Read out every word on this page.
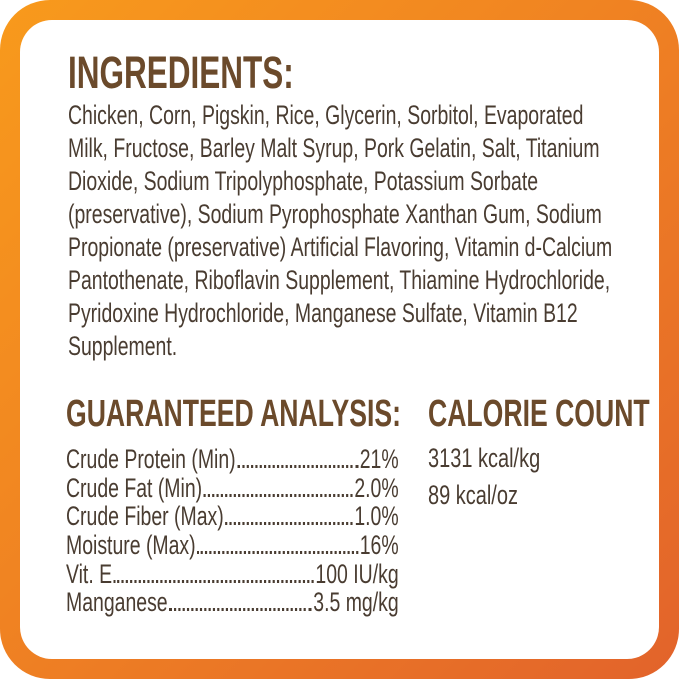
INGREDIENTS:

Chicken, Corn, Pigskin, Rice, Glycerin, Sorbitol, Evaporated Milk, Fructose, Barley Malt Syrup, Pork Gelatin, Salt, Titanium Dioxide, Sodium Tripolyphosphate, Potassium Sorbate (preservative), Sodium Pyrophosphate Xanthan Gum, Sodium Propionate (preservative) Artificial Flavoring, Vitamin d-Calcium Pantothenate, Riboflavin Supplement, Thiamine Hydrochloride, Pyridoxine Hydrochloride, Manganese Sulfate, Vitamin B12 Supplement.

GUARANTEED ANALYSIS:
Crude Protein (Min)	21%
Crude Fat (Min)	2.0%
Crude Fiber (Max)	1.0%
Moisture (Max)	16%
Vit. E	100 IU/kg
Manganese	3.5 mg/kg
CALORIE COUNT
3131 kcal/kg
89 kcal/oz
